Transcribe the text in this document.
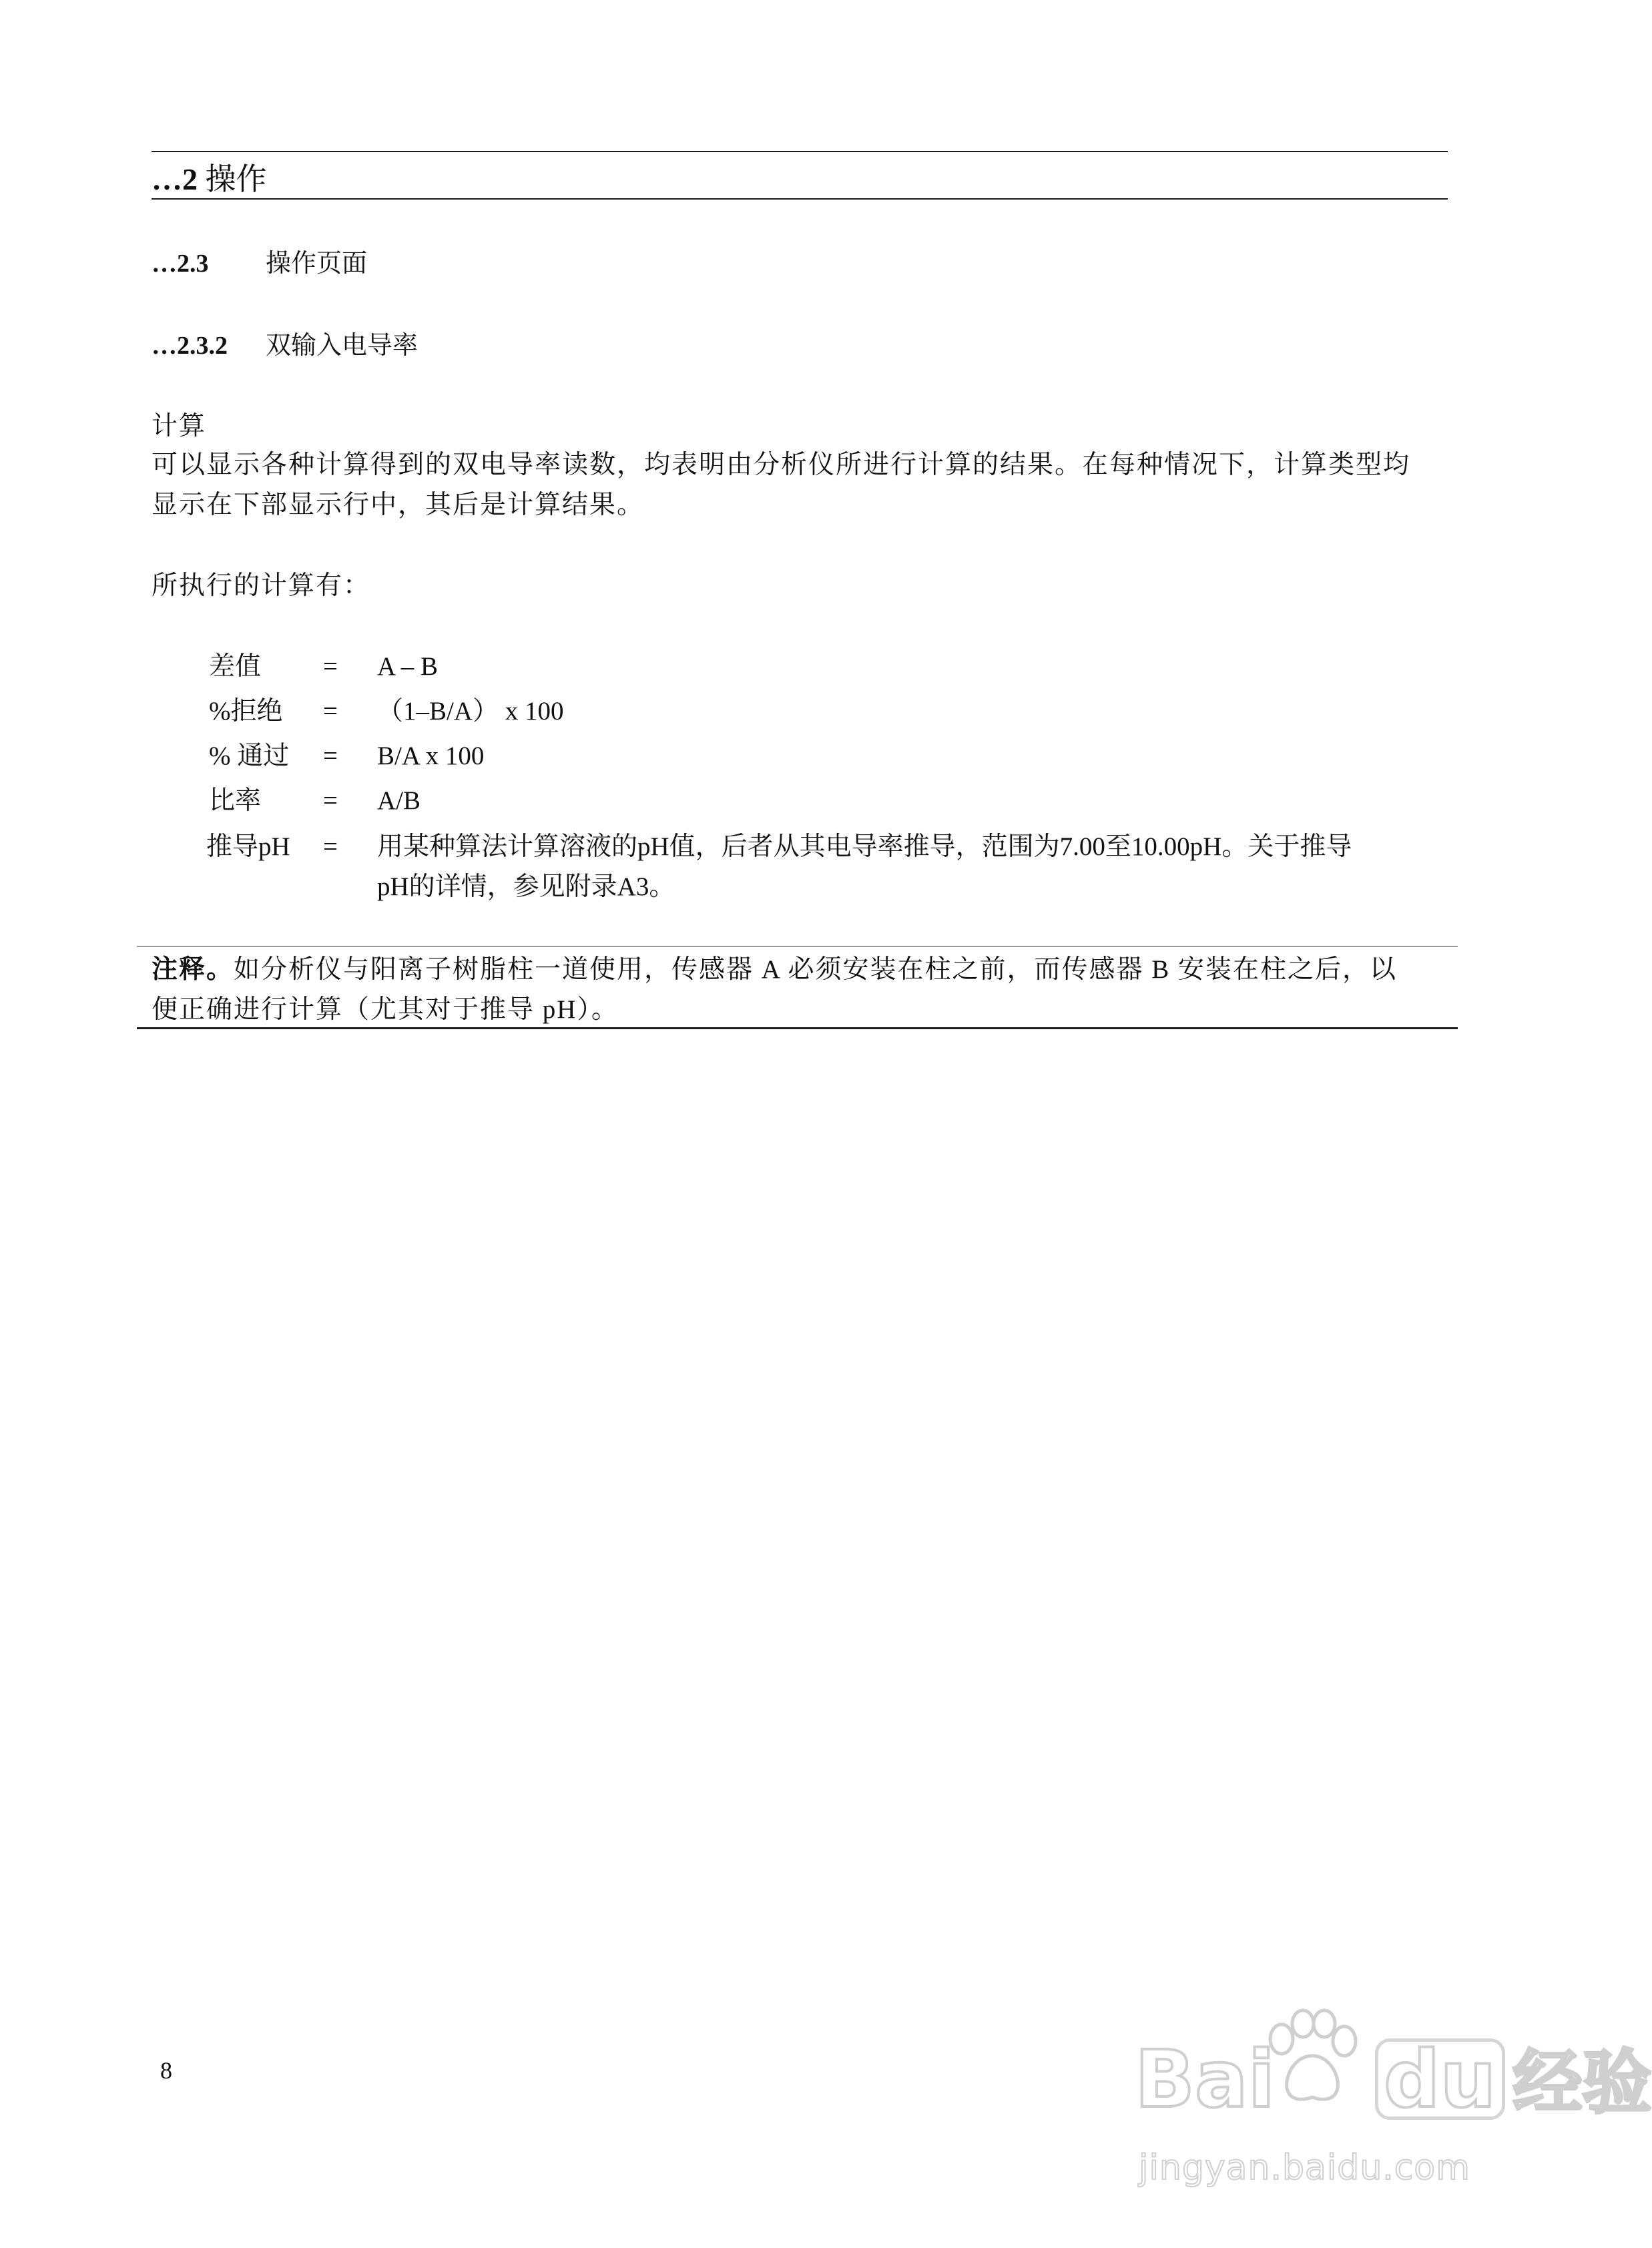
…2 操作
…2.3 操作页面
…2.3.2 双输入电导率
计算
可以显示各种计算得到的双电导率读数，均表明由分析仪所进行计算的结果。在每种情况下，计算类型均
显示在下部显示行中，其后是计算结果。
所执行的计算有：
差值 = A – B
%拒绝 = （1–B/A） x 100
% 通过 = B/A x 100
比率 = A/B
推导pH = 用某种算法计算溶液的pH值，后者从其电导率推导，范围为7.00至10.00pH。关于推导
pH的详情，参见附录A3。
注释。如分析仪与阳离子树脂柱一道使用，传感器 A 必须安装在柱之前，而传感器 B 安装在柱之后，以
便正确进行计算（尤其对于推导 pH）。
8	Bai du 经验
jingyan.baidu.com
